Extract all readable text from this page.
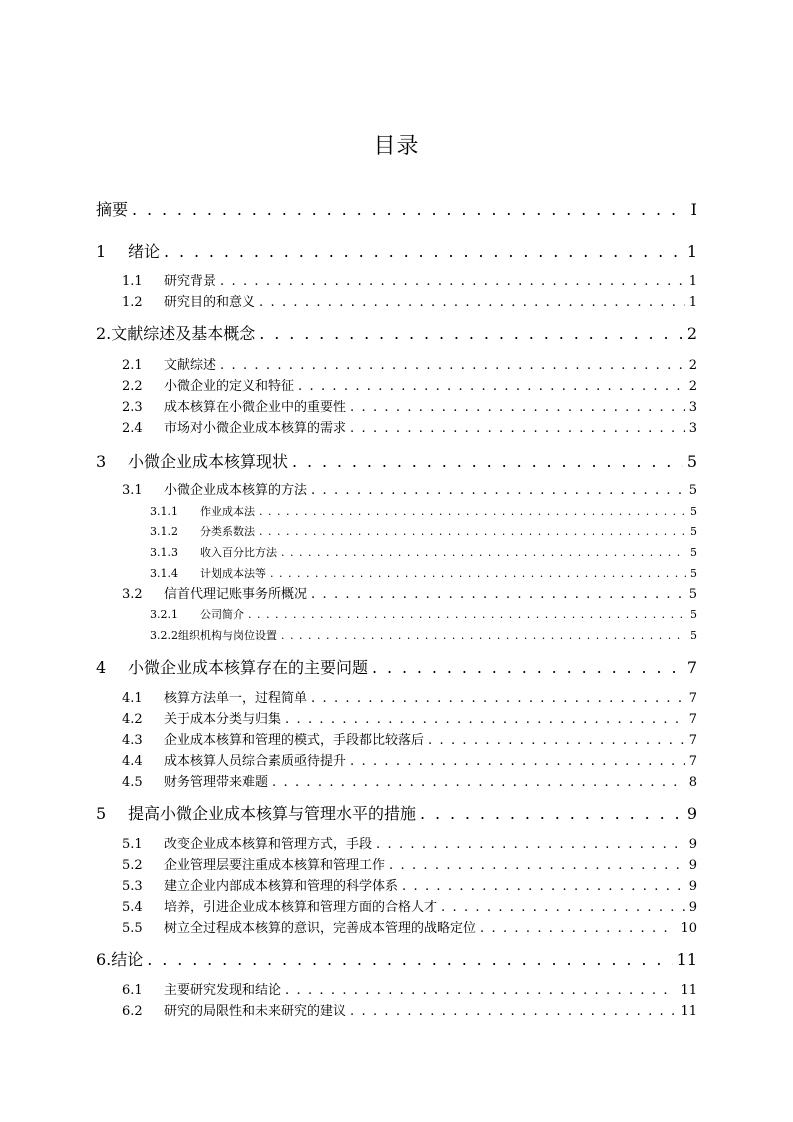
目录
摘要 . . .	I
1 绪论 . . .	1
1.1 研究背景 . . .	1
1.2 研究目的和意义 . . .	1
2.文献综述及基本概念 . . .	2
2.1 文献综述 . . .	2
2.2 小微企业的定义和特征 . . .	2
2.3 成本核算在小微企业中的重要性 . . .	3
2.4 市场对小微企业成本核算的需求 . . .	3
3 小微企业成本核算现状 . . .	5
3.1 小微企业成本核算的方法 . . .	5
3.1.1 作业成本法 . . .	5
3.1.2 分类系数法 . . .	5
3.1.3 收入百分比方法 . . .	5
3.1.4 计划成本法等 . . .	5
3.2 信首代理记账事务所概况 . . .	5
3.2.1 公司简介 . . .	5
3.2.2组织机构与岗位设置 . . .	5
4 小微企业成本核算存在的主要问题 . . .	7
4.1 核算方法单一，过程简单 . . .	7
4.2 关于成本分类与归集 . . .	7
4.3 企业成本核算和管理的模式，手段都比较落后 . . .	7
4.4 成本核算人员综合素质亟待提升 . . .	7
4.5 财务管理带来难题 . . .	8
5 提高小微企业成本核算与管理水平的措施 . . .	9
5.1 改变企业成本核算和管理方式，手段 . . .	9
5.2 企业管理层要注重成本核算和管理工作 . . .	9
5.3 建立企业内部成本核算和管理的科学体系 . . .	9
5.4 培养，引进企业成本核算和管理方面的合格人才 . . .	9
5.5 树立全过程成本核算的意识，完善成本管理的战略定位 . . .	10
6.结论 . . .	11
6.1 主要研究发现和结论 . . .	11
6.2 研究的局限性和未来研究的建议 . . .	11
